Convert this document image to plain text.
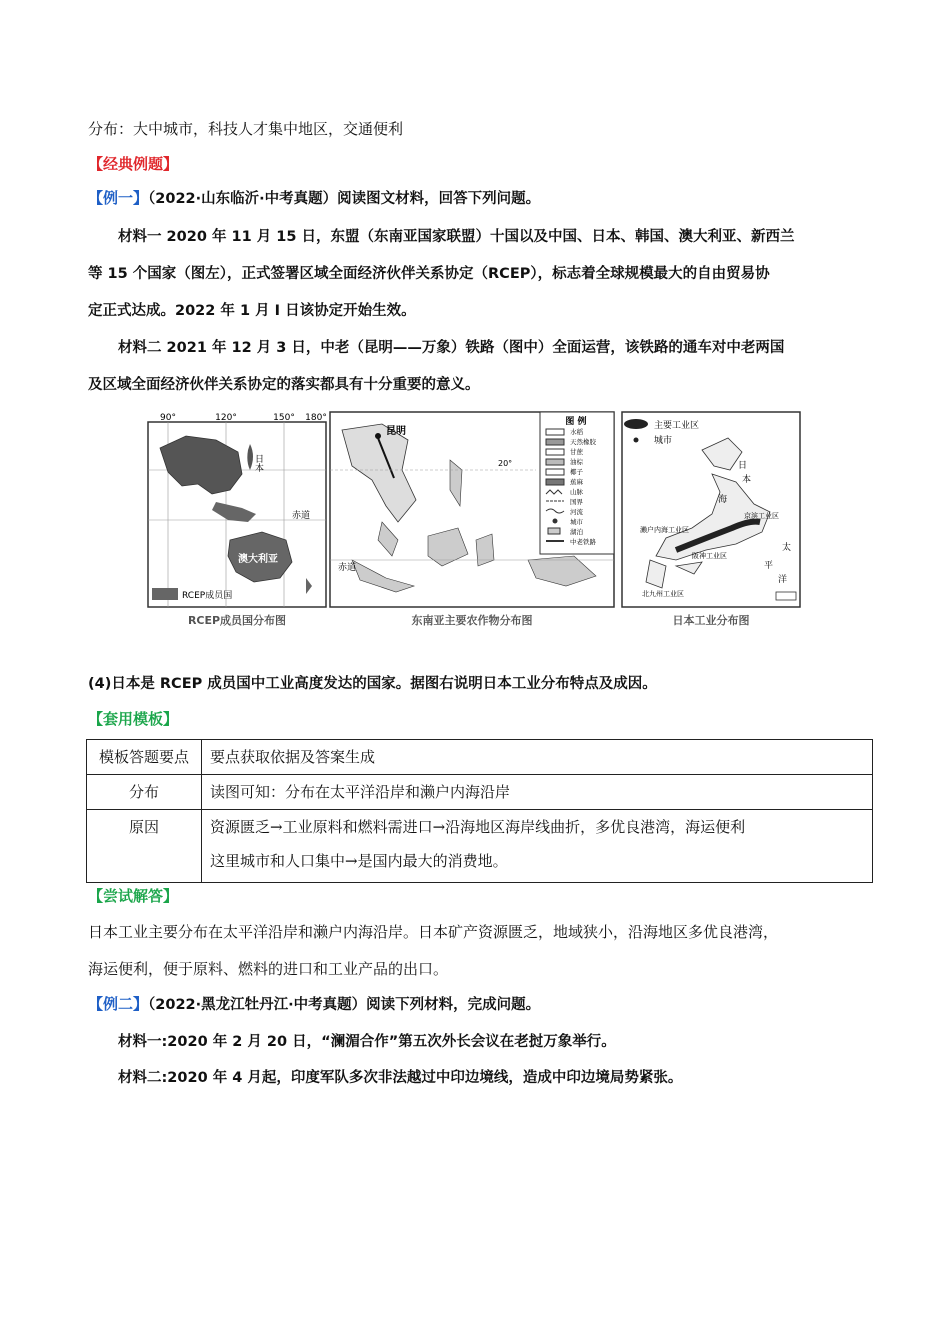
分布：大中城市，科技人才集中地区，交通便利
【经典例题】
【例一】（2022·山东临沂·中考真题）阅读图文材料，回答下列问题。
材料一 2020 年 11 月 15 日，东盟（东南亚国家联盟）十国以及中国、日本、韩国、澳大利亚、新西兰
等 15 个国家（图左），正式签署区域全面经济伙伴关系协定（RCEP），标志着全球规模最大的自由贸易协
定正式达成。2022 年 1 月 I 日该协定开始生效。
材料二 2021 年 12 月 3 日，中老（昆明——万象）铁路（图中）全面运营，该铁路的通车对中老两国
及区域全面经济伙伴关系协定的落实都具有十分重要的意义。
90°	120°	150° 180°
日本
赤道
澳大利亚
RCEP成员国
RCEP成员国分布图
昆明
20°
赤道
图 例
水稻
天然橡胶
甘蔗
油棕
椰子
蕉麻
山脉
国界
河流
城市
湖泊
中老铁路
东南亚主要农作物分布图
主要工业区
城市
濑户内海工业区
阪神工业区
京滨工业区
北九州工业区
日
本
海
太
平
洋
日本工业分布图
(4)日本是 RCEP 成员国中工业高度发达的国家。据图右说明日本工业分布特点及成因。
【套用模板】
模板答题要点	要点获取依据及答案生成
分布	读图可知：分布在太平洋沿岸和濑户内海沿岸
原因	资源匮乏→工业原料和燃料需进口→沿海地区海岸线曲折，多优良港湾，海运便利
这里城市和人口集中→是国内最大的消费地。
【尝试解答】
日本工业主要分布在太平洋沿岸和濑户内海沿岸。日本矿产资源匮乏，地域狭小，沿海地区多优良港湾，
海运便利，便于原料、燃料的进口和工业产品的出口。
【例二】（2022·黑龙江牡丹江·中考真题）阅读下列材料，完成问题。
材料一:2020 年 2 月 20 日，“澜湄合作”第五次外长会议在老挝万象举行。
材料二:2020 年 4 月起，印度军队多次非法越过中印边境线，造成中印边境局势紧张。
